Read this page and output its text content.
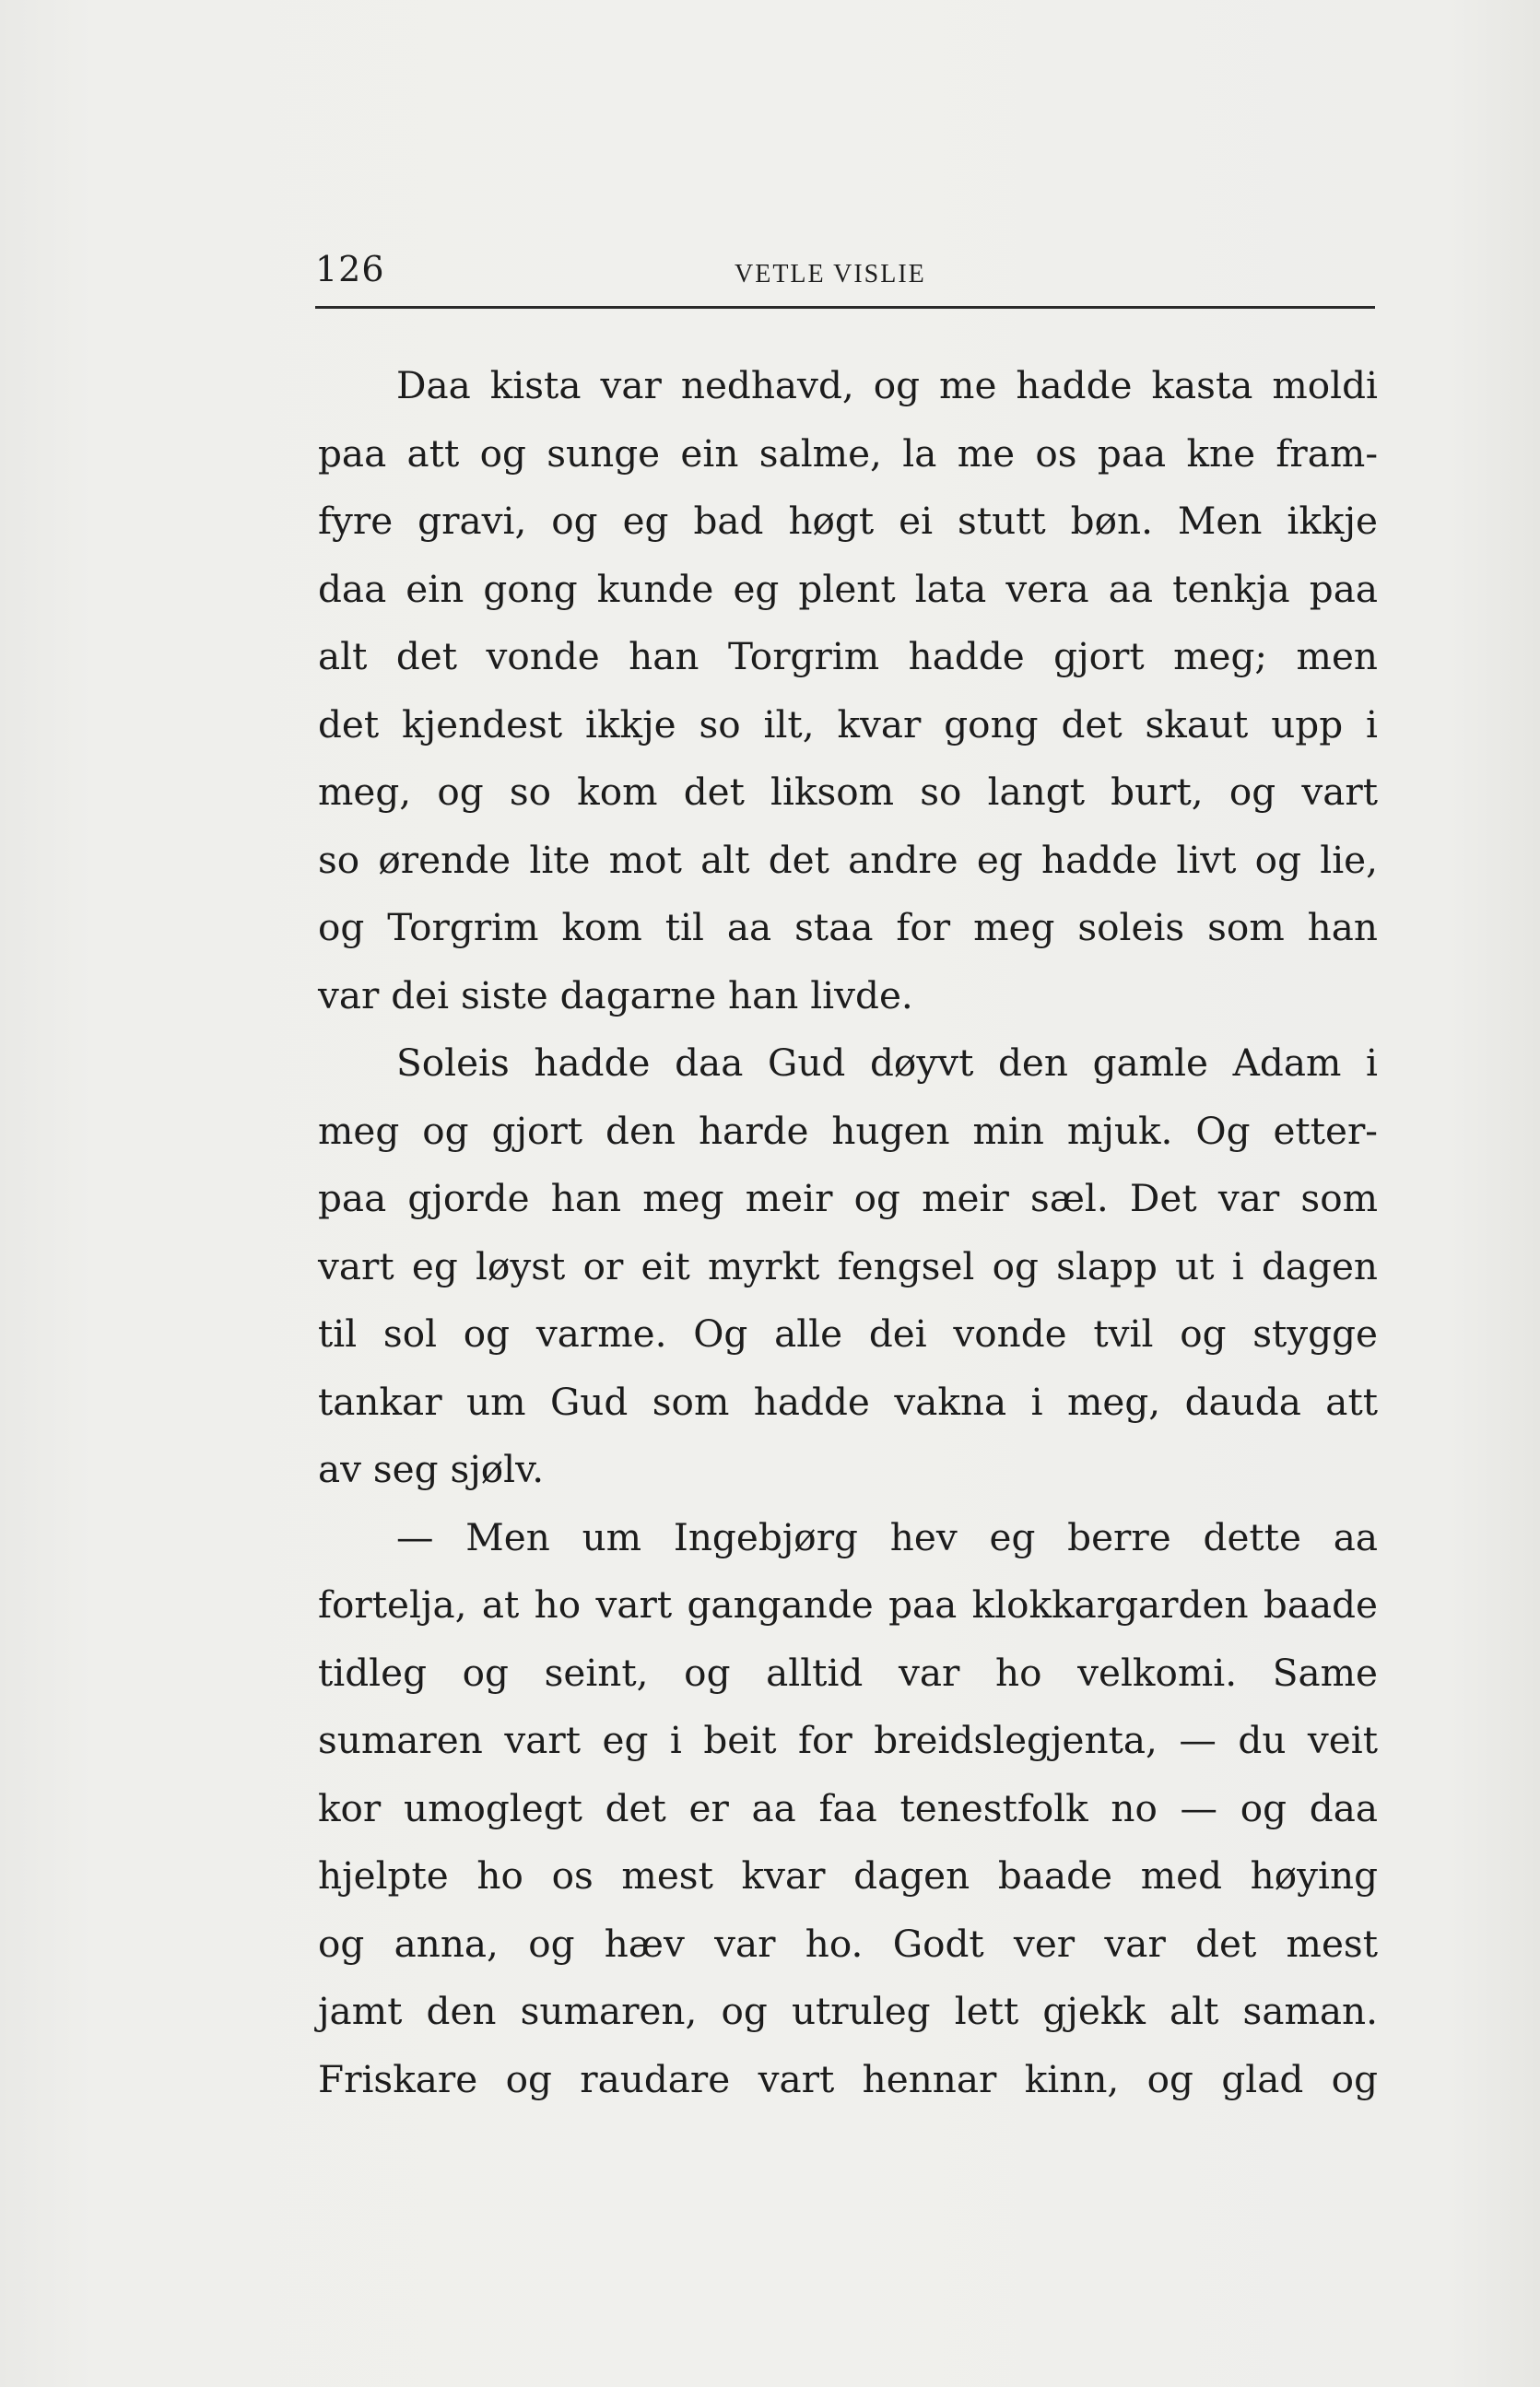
126	VETLE VISLIE

Daa kista var nedhavd, og me hadde kasta moldi

paa att og sunge ein salme, la me os paa kne fram-

fyre gravi, og eg bad høgt ei stutt bøn. Men ikkje

daa ein gong kunde eg plent lata vera aa tenkja paa

alt det vonde han Torgrim hadde gjort meg; men

det kjendest ikkje so ilt, kvar gong det skaut upp i

meg, og so kom det liksom so langt burt, og vart

so ørende lite mot alt det andre eg hadde livt og lie,

og Torgrim kom til aa staa for meg soleis som han

var dei siste dagarne han livde.

Soleis hadde daa Gud døyvt den gamle Adam i

meg og gjort den harde hugen min mjuk. Og etter-

paa gjorde han meg meir og meir sæl. Det var som

vart eg løyst or eit myrkt fengsel og slapp ut i dagen

til sol og varme. Og alle dei vonde tvil og stygge

tankar um Gud som hadde vakna i meg, dauda att

av seg sjølv.

— Men um Ingebjørg hev eg berre dette aa

fortelja, at ho vart gangande paa klokkargarden baade

tidleg og seint, og alltid var ho velkomi. Same

sumaren vart eg i beit for breidslegjenta, — du veit

kor umoglegt det er aa faa tenestfolk no — og daa

hjelpte ho os mest kvar dagen baade med høying

og anna, og hæv var ho. Godt ver var det mest

jamt den sumaren, og utruleg lett gjekk alt saman.

Friskare og raudare vart hennar kinn, og glad og
